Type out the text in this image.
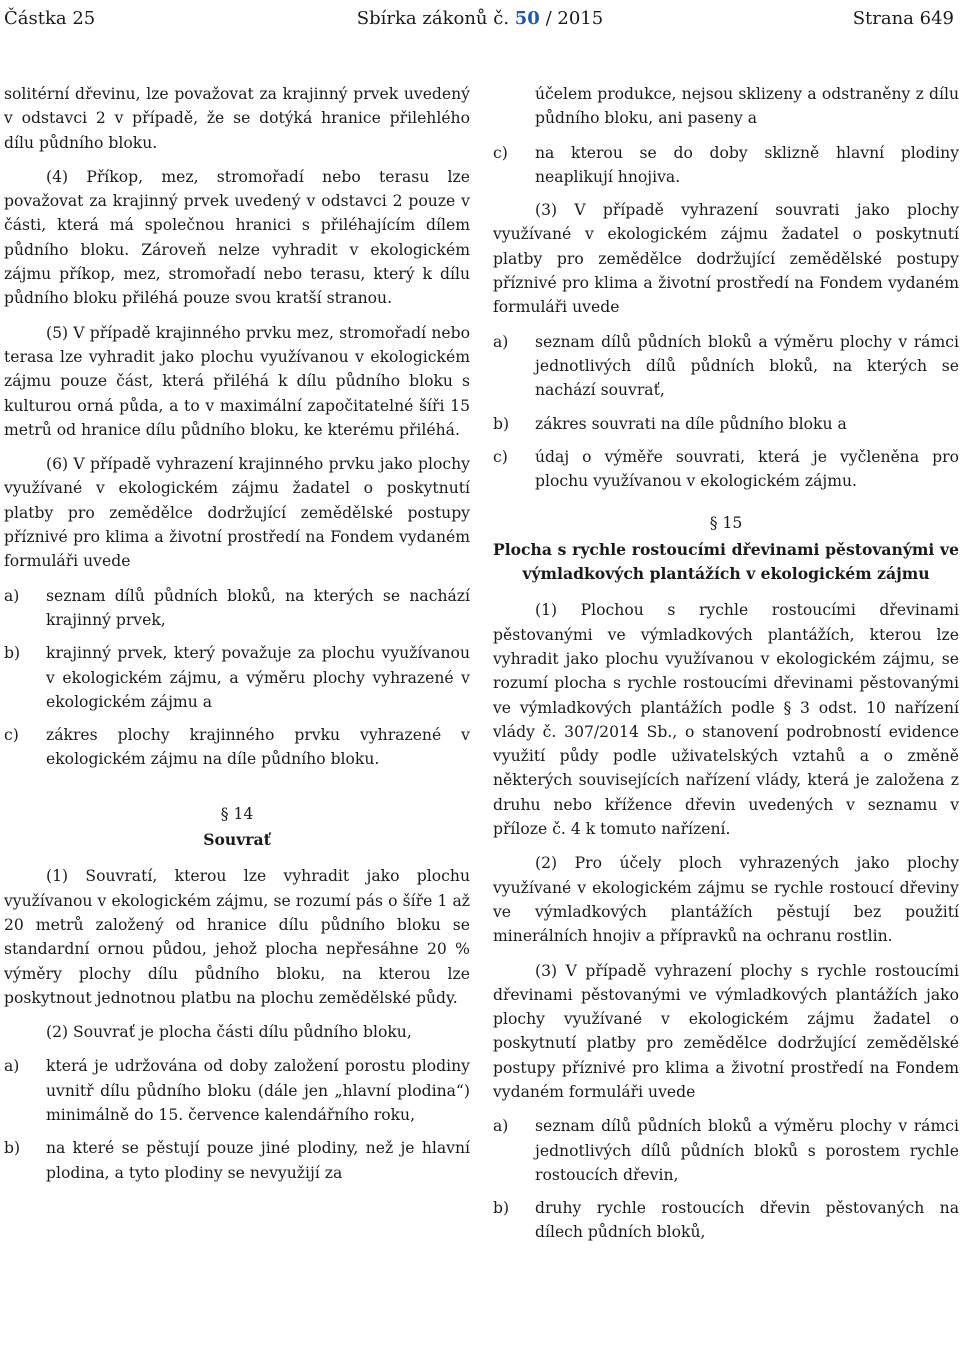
Částka 25	Sbírka zákonů č. 50 / 2015	Strana 649

solitérní dřevinu, lze považovat za krajinný prvek uvedený v odstavci 2 v případě, že se dotýká hranice přilehlého dílu půdního bloku.

(4) Příkop, mez, stromořadí nebo terasu lze považovat za krajinný prvek uvedený v odstavci 2 pouze v části, která má společnou hranici s přiléhajícím dílem půdního bloku. Zároveň nelze vyhradit v ekologickém zájmu příkop, mez, stromořadí nebo terasu, který k dílu půdního bloku přiléhá pouze svou kratší stranou.

(5) V případě krajinného prvku mez, stromořadí nebo terasa lze vyhradit jako plochu využívanou v ekologickém zájmu pouze část, která přiléhá k dílu půdního bloku s kulturou orná půda, a to v maximální započitatelné šíři 15 metrů od hranice dílu půdního bloku, ke kterému přiléhá.

(6) V případě vyhrazení krajinného prvku jako plochy využívané v ekologickém zájmu žadatel o poskytnutí platby pro zemědělce dodržující zemědělské postupy příznivé pro klima a životní prostředí na Fondem vydaném formuláři uvede

a)	seznam dílů půdních bloků, na kterých se nachází krajinný prvek,
b)	krajinný prvek, který považuje za plochu využívanou v ekologickém zájmu, a výměru plochy vyhrazené v ekologickém zájmu a
c)	zákres plochy krajinného prvku vyhrazené v ekologickém zájmu na díle půdního bloku.
§ 14
Souvrať

(1) Souvratí, kterou lze vyhradit jako plochu využívanou v ekologickém zájmu, se rozumí pás o šíře 1 až 20 metrů založený od hranice dílu půdního bloku se standardní ornou půdou, jehož plocha nepřesáhne 20 % výměry plochy dílu půdního bloku, na kterou lze poskytnout jednotnou platbu na plochu zemědělské půdy.

(2) Souvrať je plocha části dílu půdního bloku,

a)	která je udržována od doby založení porostu plodiny uvnitř dílu půdního bloku (dále jen „hlavní plodina“) minimálně do 15. července kalendářního roku,
b)	na které se pěstují pouze jiné plodiny, než je hlavní plodina, a tyto plodiny se nevyužijí za

účelem produkce, nejsou sklizeny a odstraněny z dílu půdního bloku, ani paseny a

c)	na kterou se do doby sklizně hlavní plodiny neaplikují hnojiva.

(3) V případě vyhrazení souvrati jako plochy využívané v ekologickém zájmu žadatel o poskytnutí platby pro zemědělce dodržující zemědělské postupy příznivé pro klima a životní prostředí na Fondem vydaném formuláři uvede

a)	seznam dílů půdních bloků a výměru plochy v rámci jednotlivých dílů půdních bloků, na kterých se nachází souvrať,
b)	zákres souvrati na díle půdního bloku a
c)	údaj o výměře souvrati, která je vyčleněna pro plochu využívanou v ekologickém zájmu.
§ 15
Plocha s rychle rostoucími dřevinami pěstovanými ve výmladkových plantážích v ekologickém zájmu

(1) Plochou s rychle rostoucími dřevinami pěstovanými ve výmladkových plantážích, kterou lze vyhradit jako plochu využívanou v ekologickém zájmu, se rozumí plocha s rychle rostoucími dřevinami pěstovanými ve výmladkových plantážích podle § 3 odst. 10 nařízení vlády č. 307/2014 Sb., o stanovení podrobností evidence využití půdy podle uživatelských vztahů a o změně některých souvisejících nařízení vlády, která je založena z druhu nebo křížence dřevin uvedených v seznamu v příloze č. 4 k tomuto nařízení.

(2) Pro účely ploch vyhrazených jako plochy využívané v ekologickém zájmu se rychle rostoucí dřeviny ve výmladkových plantážích pěstují bez použití minerálních hnojiv a přípravků na ochranu rostlin.

(3) V případě vyhrazení plochy s rychle rostoucími dřevinami pěstovanými ve výmladkových plantážích jako plochy využívané v ekologickém zájmu žadatel o poskytnutí platby pro zemědělce dodržující zemědělské postupy příznivé pro klima a životní prostředí na Fondem vydaném formuláři uvede

a)	seznam dílů půdních bloků a výměru plochy v rámci jednotlivých dílů půdních bloků s porostem rychle rostoucích dřevin,
b)	druhy rychle rostoucích dřevin pěstovaných na dílech půdních bloků,
